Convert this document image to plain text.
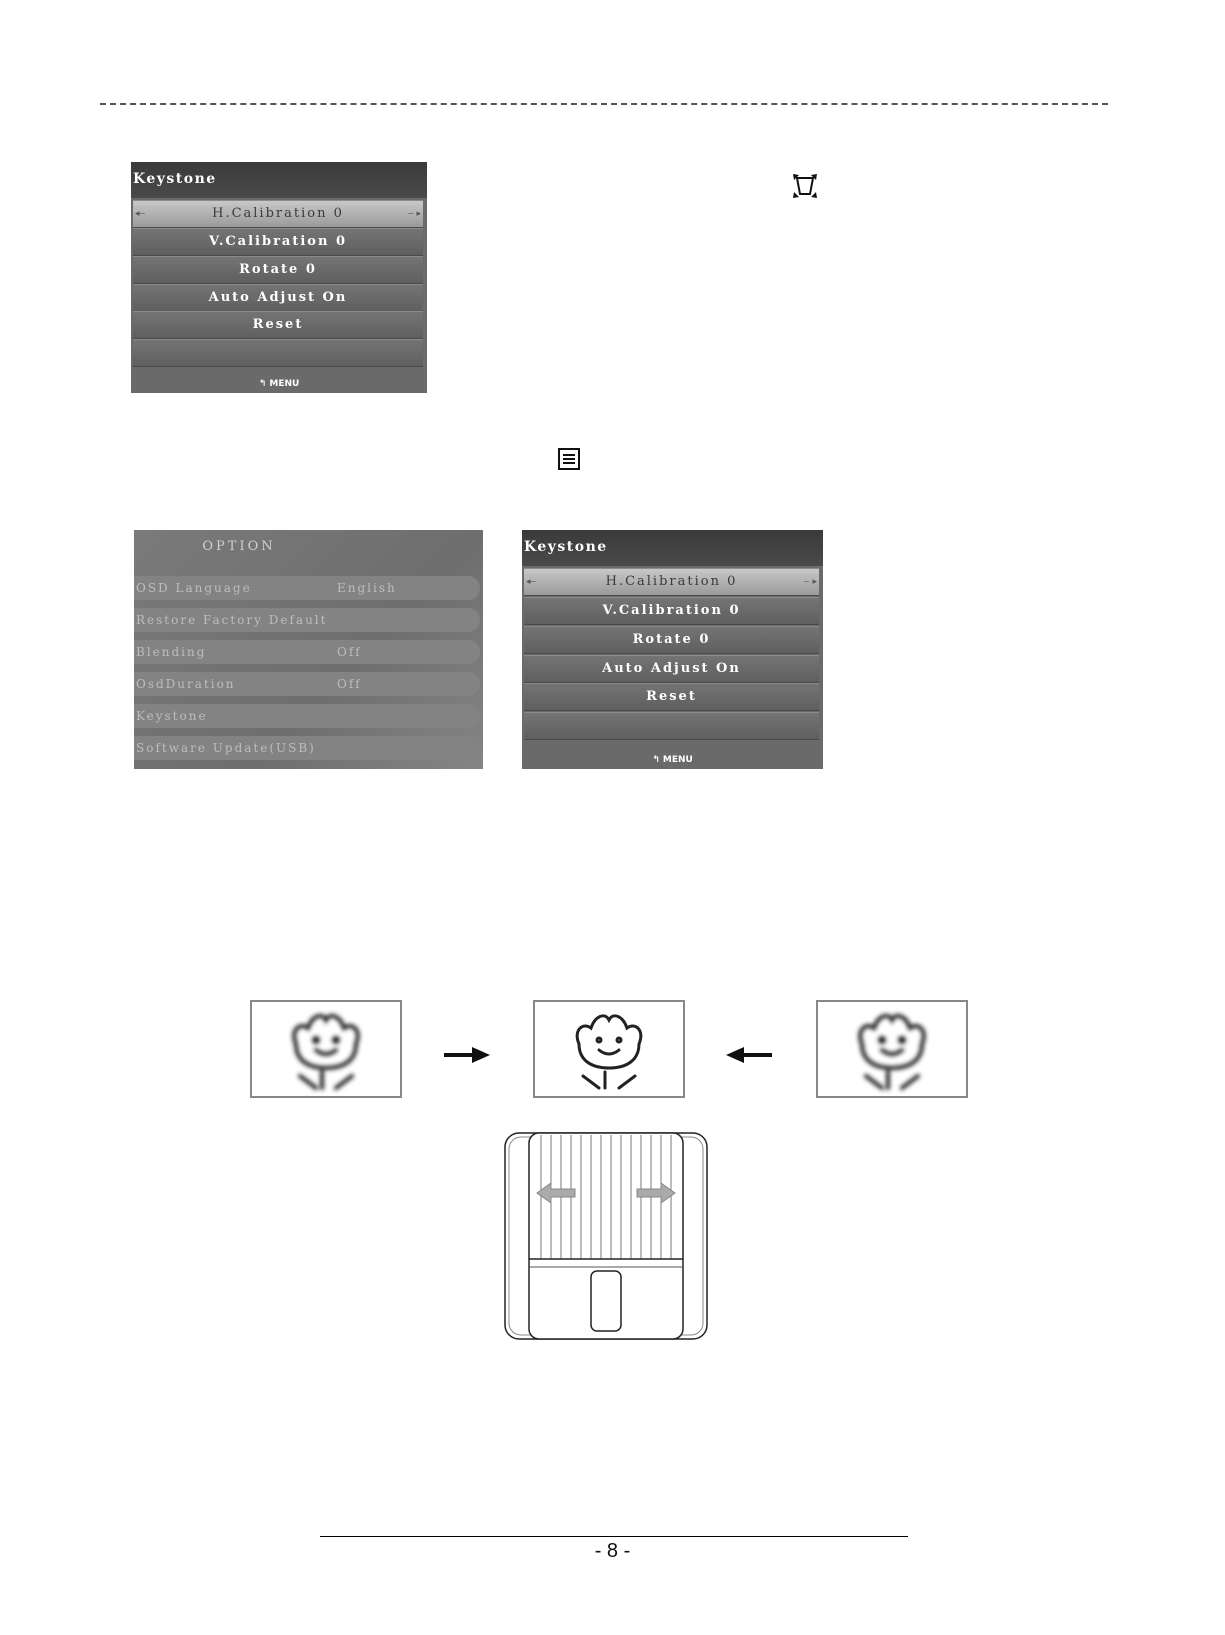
Keystone
◂‒	H.Calibration 0	‒ ▸
V.Calibration 0
Rotate 0
Auto Adjust On
Reset
↰ MENU
OPTION
OSD Language	English
Restore Factory Default
Blending	Off
OsdDuration	Off
Keystone
Software Update(USB)
Keystone
◂‒	H.Calibration 0	‒ ▸
V.Calibration 0
Rotate 0
Auto Adjust On
Reset
↰ MENU
- 8 -
